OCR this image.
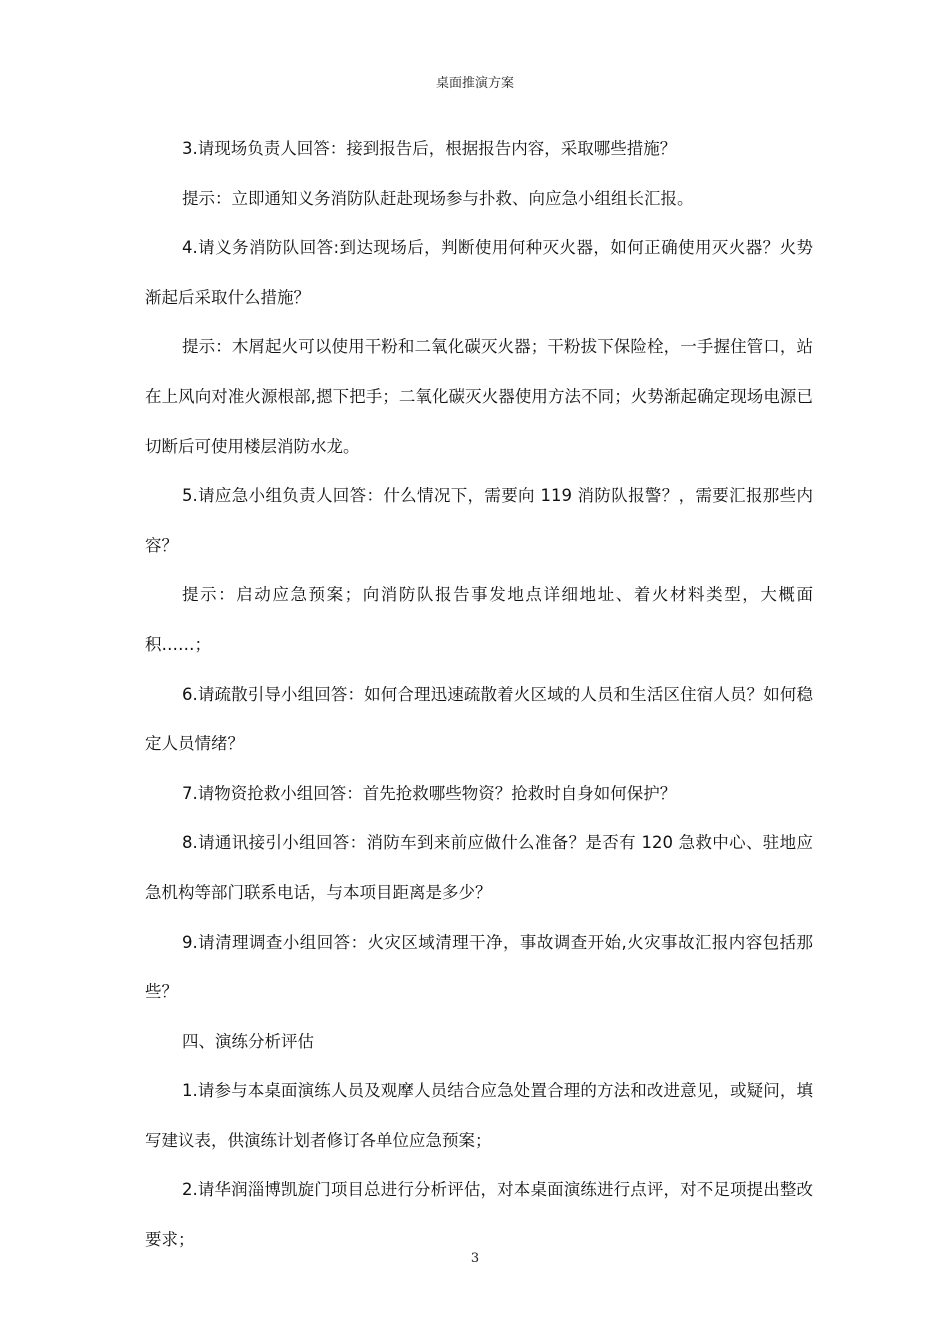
桌面推演方案

3.请现场负责人回答：接到报告后，根据报告内容，采取哪些措施？

提示：立即通知义务消防队赶赴现场参与扑救、向应急小组组长汇报。

4.请义务消防队回答:到达现场后，判断使用何种灭火器，如何正确使用灭火器？火势渐起后采取什么措施？

提示：木屑起火可以使用干粉和二氧化碳灭火器；干粉拔下保险栓，一手握住管口，站在上风向对准火源根部,摁下把手；二氧化碳灭火器使用方法不同；火势渐起确定现场电源已切断后可使用楼层消防水龙。

5.请应急小组负责人回答：什么情况下，需要向 119 消防队报警？，需要汇报那些内容？

提示：启动应急预案；向消防队报告事发地点详细地址、着火材料类型，大概面积……；

6.请疏散引导小组回答：如何合理迅速疏散着火区域的人员和生活区住宿人员？如何稳定人员情绪？

7.请物资抢救小组回答：首先抢救哪些物资？抢救时自身如何保护？

8.请通讯接引小组回答：消防车到来前应做什么准备？是否有 120 急救中心、驻地应急机构等部门联系电话，与本项目距离是多少？

9.请清理调查小组回答：火灾区域清理干净，事故调查开始,火灾事故汇报内容包括那些？

四、演练分析评估

1.请参与本桌面演练人员及观摩人员结合应急处置合理的方法和改进意见，或疑问，填写建议表，供演练计划者修订各单位应急预案；

2.请华润淄博凯旋门项目总进行分析评估，对本桌面演练进行点评，对不足项提出整改要求；

3
